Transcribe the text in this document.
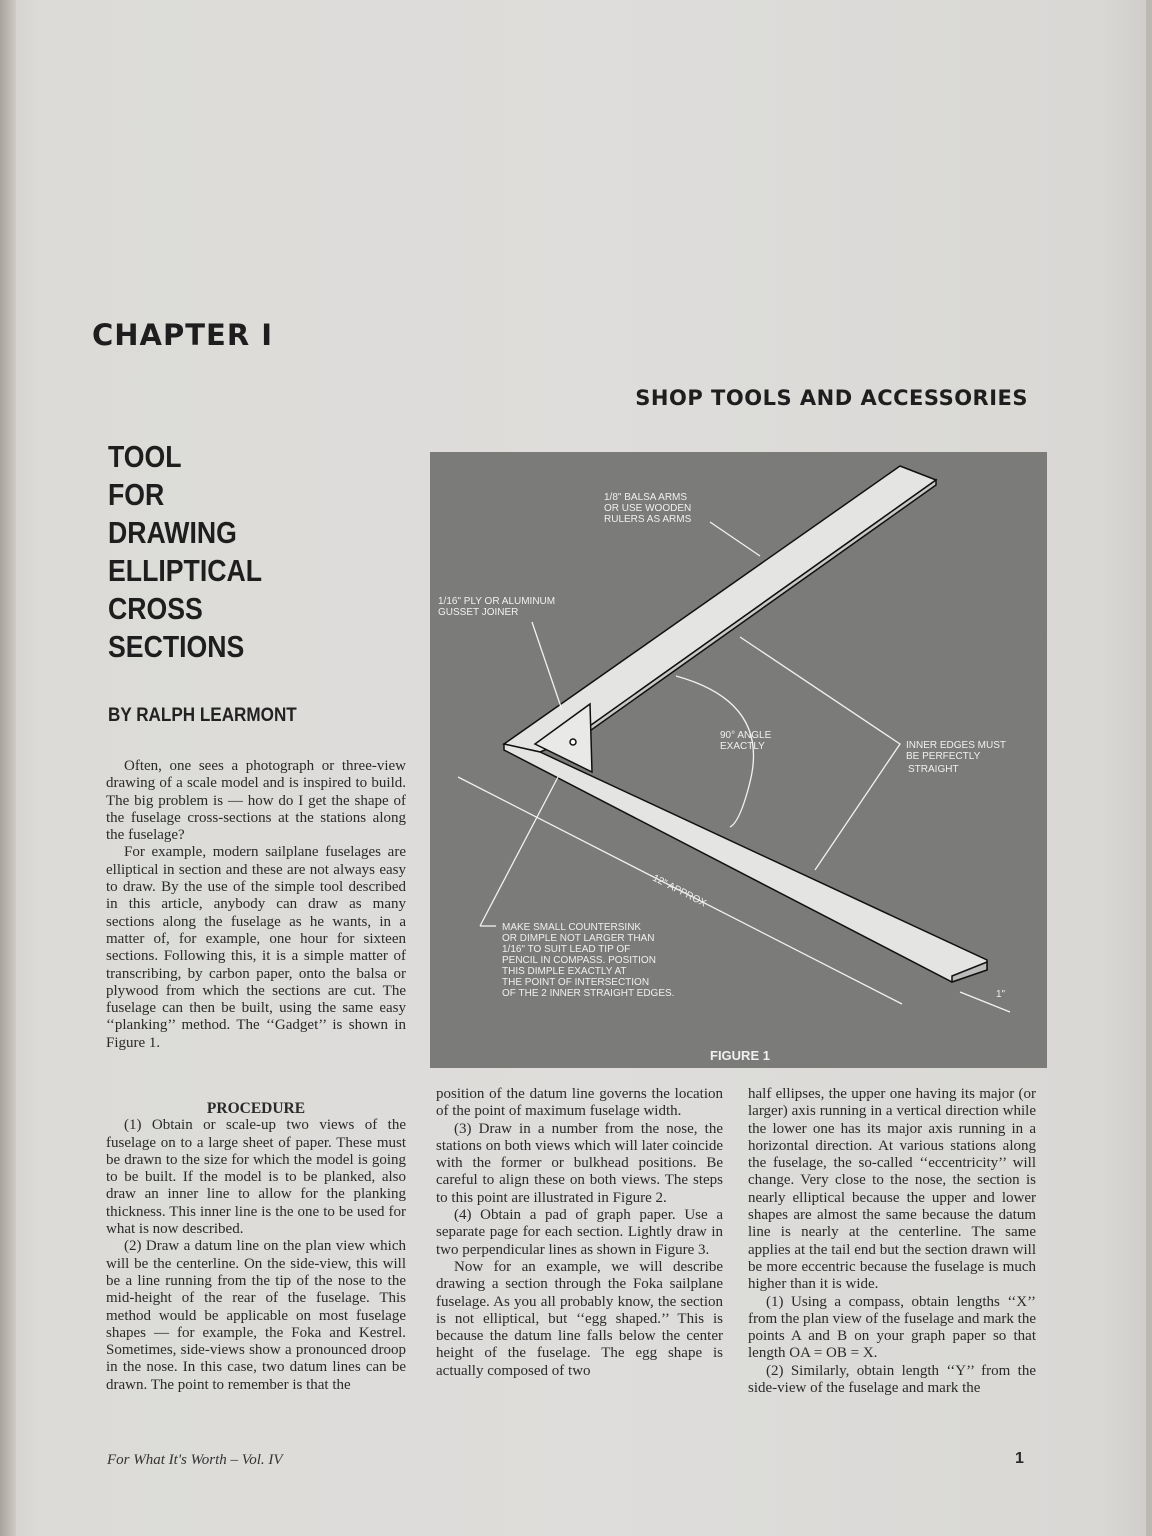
CHAPTER I
SHOP TOOLS AND ACCESSORIES
TOOL
FOR
DRAWING
ELLIPTICAL
CROSS
SECTIONS
BY RALPH LEARMONT

Often, one sees a photograph or three-view drawing of a scale model and is inspired to build. The big problem is — how do I get the shape of the fuselage cross-sections at the stations along the fuselage?

For example, modern sailplane fuselages are elliptical in section and these are not always easy to draw. By the use of the simple tool described in this article, anybody can draw as many sections along the fuselage as he wants, in a matter of, for example, one hour for sixteen sections. Following this, it is a simple matter of transcribing, by carbon paper, onto the balsa or plywood from which the sections are cut. The fuselage can then be built, using the same easy ‘‘planking’’ method. The ‘‘Gadget’’ is shown in Figure 1.

PROCEDURE

(1) Obtain or scale-up two views of the fuselage on to a large sheet of paper. These must be drawn to the size for which the model is going to be built. If the model is to be planked, also draw an inner line to allow for the planking thickness. This inner line is the one to be used for what is now described.

(2) Draw a datum line on the plan view which will be the centerline. On the side-view, this will be a line running from the tip of the nose to the mid-height of the rear of the fuselage. This method would be applicable on most fuselage shapes — for example, the Foka and Kestrel. Sometimes, side-views show a pronounced droop in the nose. In this case, two datum lines can be drawn. The point to remember is that the

position of the datum line governs the location of the point of maximum fuselage width.

(3) Draw in a number from the nose, the stations on both views which will later coincide with the former or bulkhead positions. Be careful to align these on both views. The steps to this point are illustrated in Figure 2.

(4) Obtain a pad of graph paper. Use a separate page for each section. Lightly draw in two perpendicular lines as shown in Figure 3.

Now for an example, we will describe drawing a section through the Foka sailplane fuselage. As you all probably know, the section is not elliptical, but ‘‘egg shaped.’’ This is because the datum line falls below the center height of the fuselage. The egg shape is actually composed of two

half ellipses, the upper one having its major (or larger) axis running in a vertical direction while the lower one has its major axis running in a horizontal direction. At various stations along the fuselage, the so-called ‘‘eccentricity’’ will change. Very close to the nose, the section is nearly elliptical because the upper and lower shapes are almost the same because the datum line is nearly at the centerline. The same applies at the tail end but the section drawn will be more eccentric because the fuselage is much higher than it is wide.

(1) Using a compass, obtain lengths ‘‘X’’ from the plan view of the fuselage and mark the points A and B on your graph paper so that length OA = OB = X.

(2) Similarly, obtain length ‘‘Y’’ from the side-view of the fuselage and mark the

1/8" BALSA ARMS
OR USE WOODEN
RULERS AS ARMS
1/16" PLY OR ALUMINUM
GUSSET JOINER
90° ANGLE
EXACTLY	INNER EDGES MUST
BE PERFECTLY
STRAIGHT
12" APPROX
1"
MAKE SMALL COUNTERSINK
OR DIMPLE NOT LARGER THAN
1/16" TO SUIT LEAD TIP OF
PENCIL IN COMPASS. POSITION
THIS DIMPLE EXACTLY AT
THE POINT OF INTERSECTION
OF THE 2 INNER STRAIGHT EDGES.
FIGURE 1
For What It's Worth – Vol. IV	1
